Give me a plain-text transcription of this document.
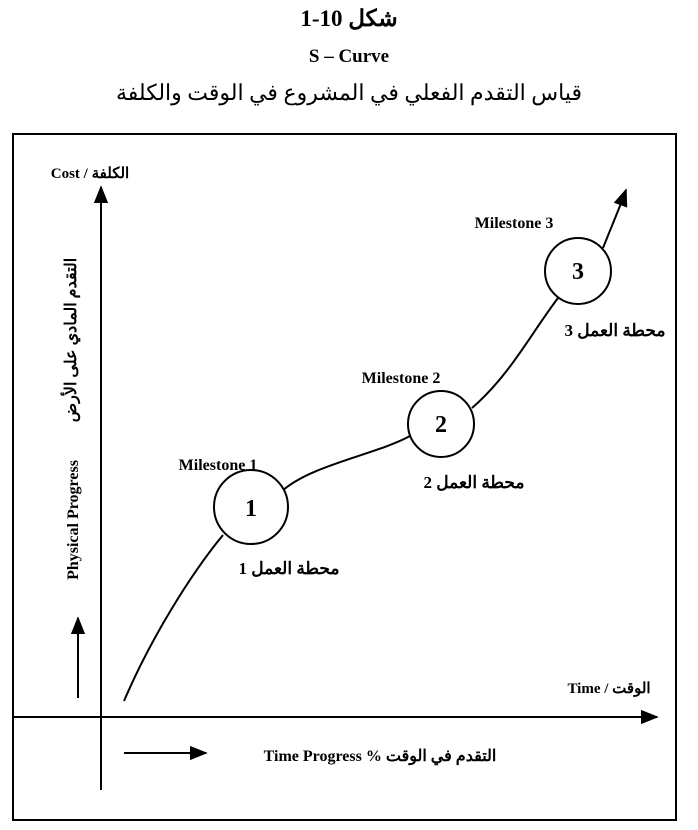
شكل 10-1
S – Curve
قياس التقدم الفعلي في المشروع في الوقت والكلفة
1
2
3
Milestone 1
Milestone 2
Milestone 3
محطة العمل 1
محطة العمل 2
محطة العمل 3
Cost / الكلفة
Time / الوقت
Time Progress % التقدم في الوقت
التقدم المادي على الأرض
Physical Progress
